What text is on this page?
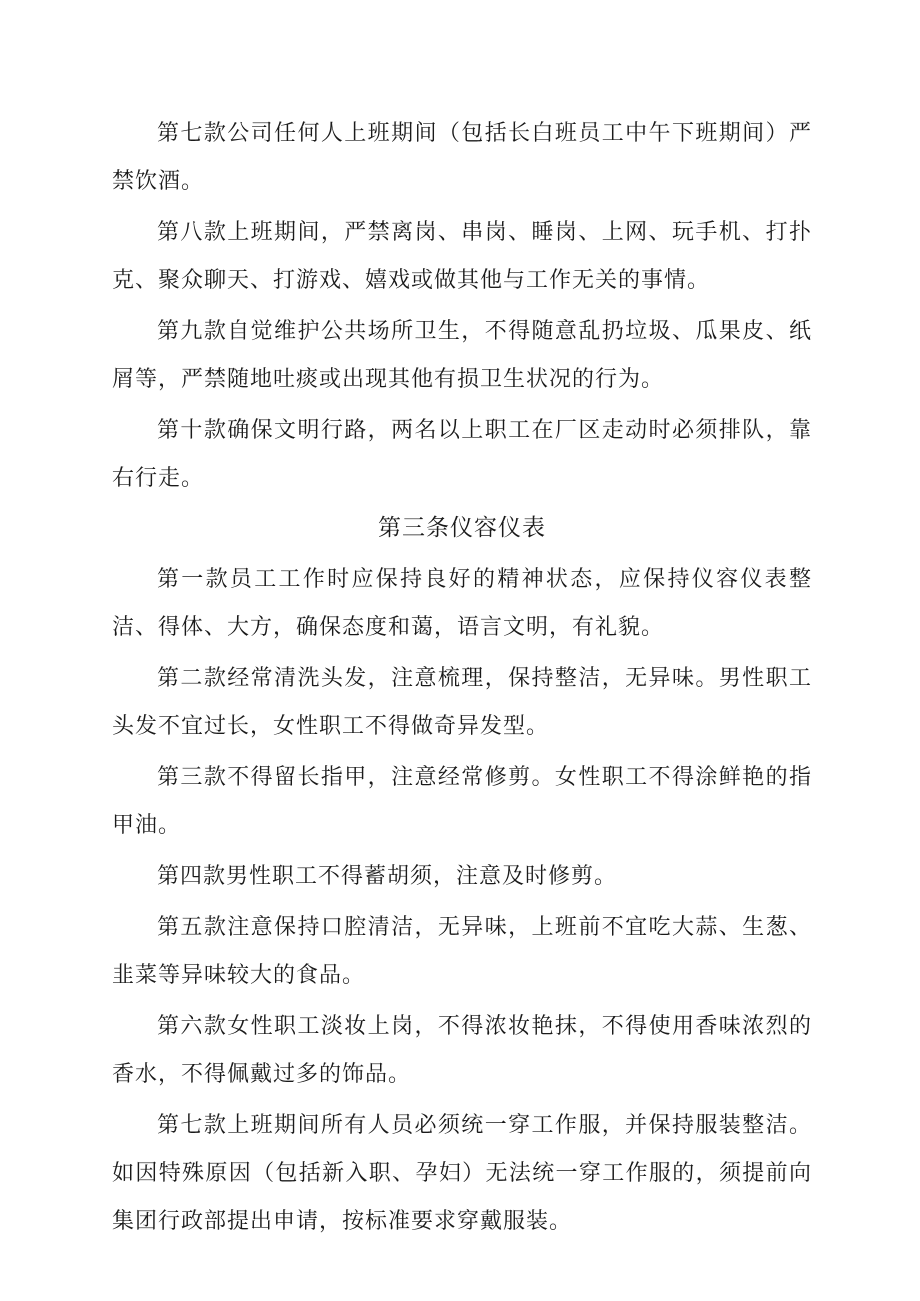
第七款公司任何人上班期间（包括长白班员工中午下班期间）严禁饮酒。

第八款上班期间，严禁离岗、串岗、睡岗、上网、玩手机、打扑克、聚众聊天、打游戏、嬉戏或做其他与工作无关的事情。

第九款自觉维护公共场所卫生，不得随意乱扔垃圾、瓜果皮、纸屑等，严禁随地吐痰或出现其他有损卫生状况的行为。

第十款确保文明行路，两名以上职工在厂区走动时必须排队，靠右行走。

第三条仪容仪表

第一款员工工作时应保持良好的精神状态，应保持仪容仪表整洁、得体、大方，确保态度和蔼，语言文明，有礼貌。

第二款经常清洗头发，注意梳理，保持整洁，无异味。男性职工头发不宜过长，女性职工不得做奇异发型。

第三款不得留长指甲，注意经常修剪。女性职工不得涂鲜艳的指甲油。

第四款男性职工不得蓄胡须，注意及时修剪。

第五款注意保持口腔清洁，无异味，上班前不宜吃大蒜、生葱、韭菜等异味较大的食品。

第六款女性职工淡妆上岗，不得浓妆艳抹，不得使用香味浓烈的香水，不得佩戴过多的饰品。

第七款上班期间所有人员必须统一穿工作服，并保持服装整洁。如因特殊原因（包括新入职、孕妇）无法统一穿工作服的，须提前向集团行政部提出申请，按标准要求穿戴服装。
